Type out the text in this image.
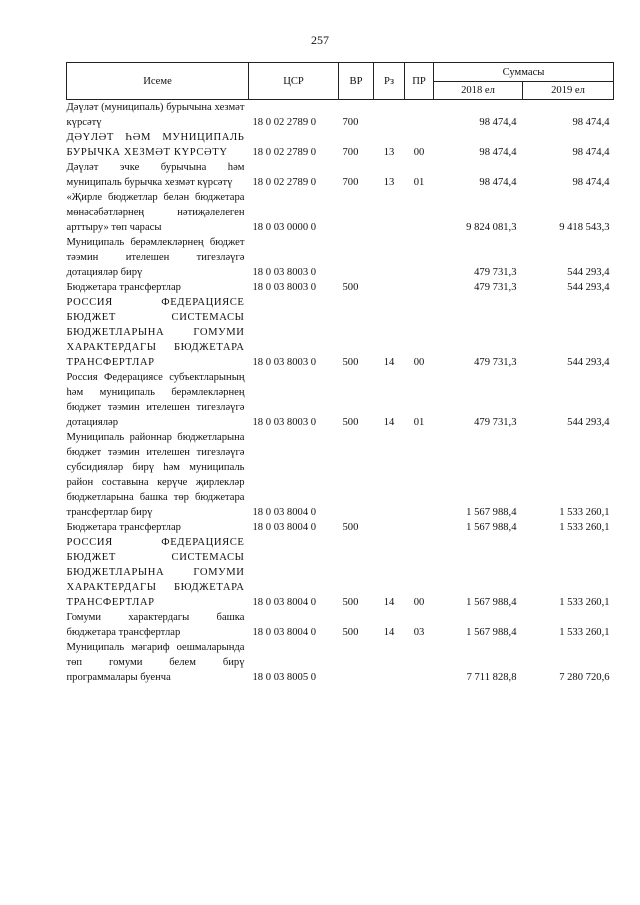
257
Исеме	ЦСР	ВР	Рз	ПР	Суммасы	
					2018 ел	2019 ел
Дәүләт (муниципаль) бурычына хезмәт күрсәтү	18 0 02 2789 0	700			98 474,4	98 474,4
ДӘҮЛӘТ ҺӘМ МУНИЦИПАЛЬ БУРЫЧКА ХЕЗМӘТ КҮРСӘТҮ	18 0 02 2789 0	700	13	00	98 474,4	98 474,4
Дәүләт эчке бурычына һәм муниципаль бурычка хезмәт күрсәтү	18 0 02 2789 0	700	13	01	98 474,4	98 474,4
«Җирле бюджетлар белән бюджетара мөнәсәбәтләрнең нәтиҗәлелеген арттыру» төп чарасы	18 0 03 0000 0				9 824 081,3	9 418 543,3
Муниципаль берәмлекләрнең бюджет тәэмин ителешен тигезләүгә дотацияләр бирү	18 0 03 8003 0				479 731,3	544 293,4
Бюджетара трансфертлар	18 0 03 8003 0	500			479 731,3	544 293,4
РОССИЯ ФЕДЕРАЦИЯСЕ БЮДЖЕТ СИСТЕМАСЫ БЮДЖЕТЛАРЫНА ГОМУМИ ХАРАКТЕРДАГЫ БЮДЖЕТАРА ТРАНСФЕРТЛАР	18 0 03 8003 0	500	14	00	479 731,3	544 293,4
Россия Федерациясе субъектларының һәм муниципаль берәмлекләрнең бюджет тәэмин ителешен тигезләүгә дотацияләр	18 0 03 8003 0	500	14	01	479 731,3	544 293,4
Муниципаль районнар бюджетларына бюджет тәэмин ителешен тигезләүгә субсидияләр бирү һәм муниципаль район составына керүче җирлекләр бюджетларына башка төр бюджетара трансфертлар бирү	18 0 03 8004 0				1 567 988,4	1 533 260,1
Бюджетара трансфертлар	18 0 03 8004 0	500			1 567 988,4	1 533 260,1
РОССИЯ ФЕДЕРАЦИЯСЕ БЮДЖЕТ СИСТЕМАСЫ БЮДЖЕТЛАРЫНА ГОМУМИ ХАРАКТЕРДАГЫ БЮДЖЕТАРА ТРАНСФЕРТЛАР	18 0 03 8004 0	500	14	00	1 567 988,4	1 533 260,1
Гомуми характердагы башка бюджетара трансфертлар	18 0 03 8004 0	500	14	03	1 567 988,4	1 533 260,1
Муниципаль мәгариф оешмаларында төп гомуми белем бирү программалары буенча	18 0 03 8005 0				7 711 828,8	7 280 720,6
